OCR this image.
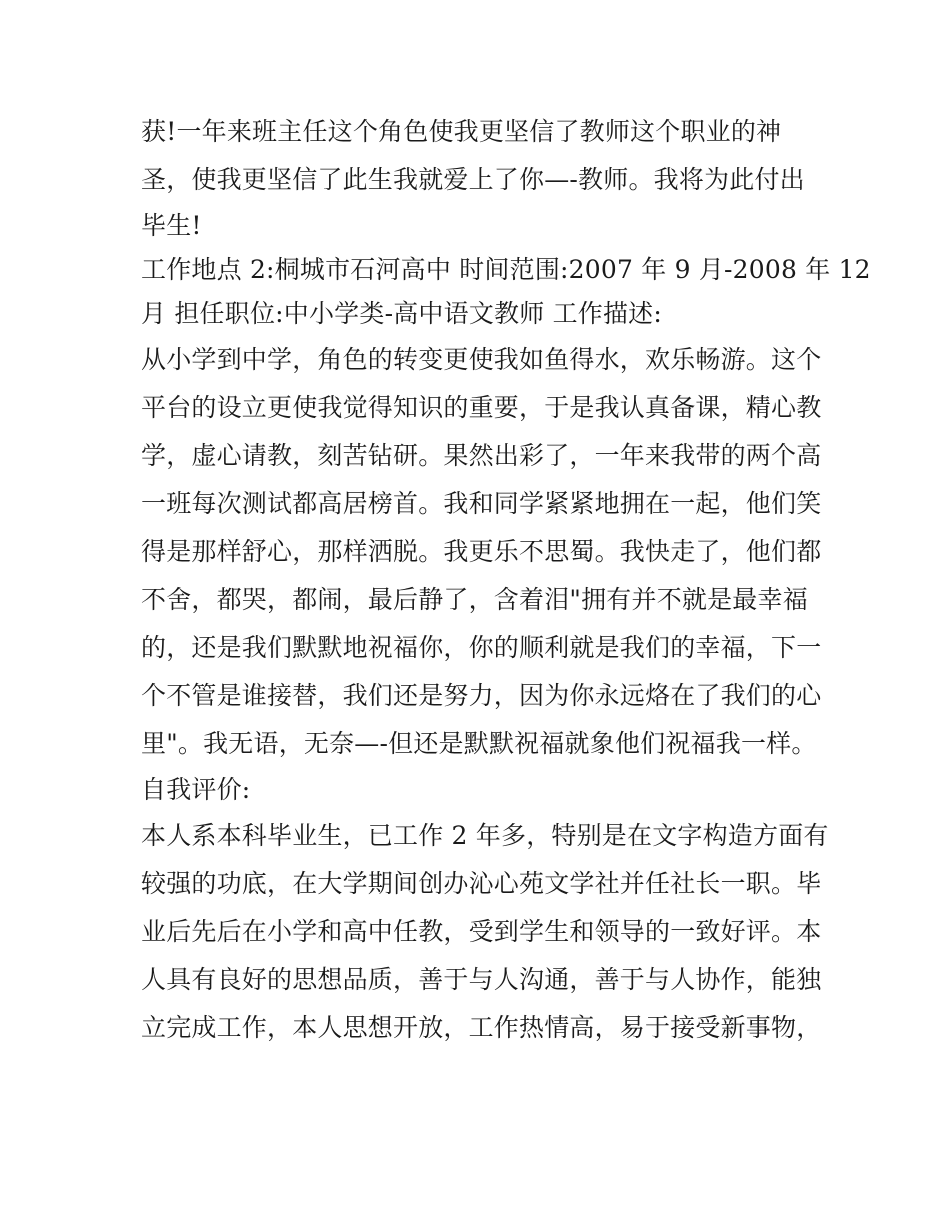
获!一年来班主任这个角色使我更坚信了教师这个职业的神
圣，使我更坚信了此生我就爱上了你—-教师。我将为此付出
毕生!
工作地点 2:桐城市石河高中 时间范围:2007 年 9 月-2008 年 12
月 担任职位:中小学类-高中语文教师 工作描述:
从小学到中学，角色的转变更使我如鱼得水，欢乐畅游。这个
平台的设立更使我觉得知识的重要，于是我认真备课，精心教
学，虚心请教，刻苦钻研。果然出彩了，一年来我带的两个高
一班每次测试都高居榜首。我和同学紧紧地拥在一起，他们笑
得是那样舒心，那样洒脱。我更乐不思蜀。我快走了，他们都
不舍，都哭，都闹，最后静了，含着泪"拥有并不就是最幸福
的，还是我们默默地祝福你，你的顺利就是我们的幸福，下一
个不管是谁接替，我们还是努力，因为你永远烙在了我们的心
里"。我无语，无奈—-但还是默默祝福就象他们祝福我一样。
自我评价:
本人系本科毕业生，已工作 2 年多，特别是在文字构造方面有
较强的功底，在大学期间创办沁心苑文学社并任社长一职。毕
业后先后在小学和高中任教，受到学生和领导的一致好评。本
人具有良好的思想品质，善于与人沟通，善于与人协作，能独
立完成工作，本人思想开放，工作热情高，易于接受新事物，
